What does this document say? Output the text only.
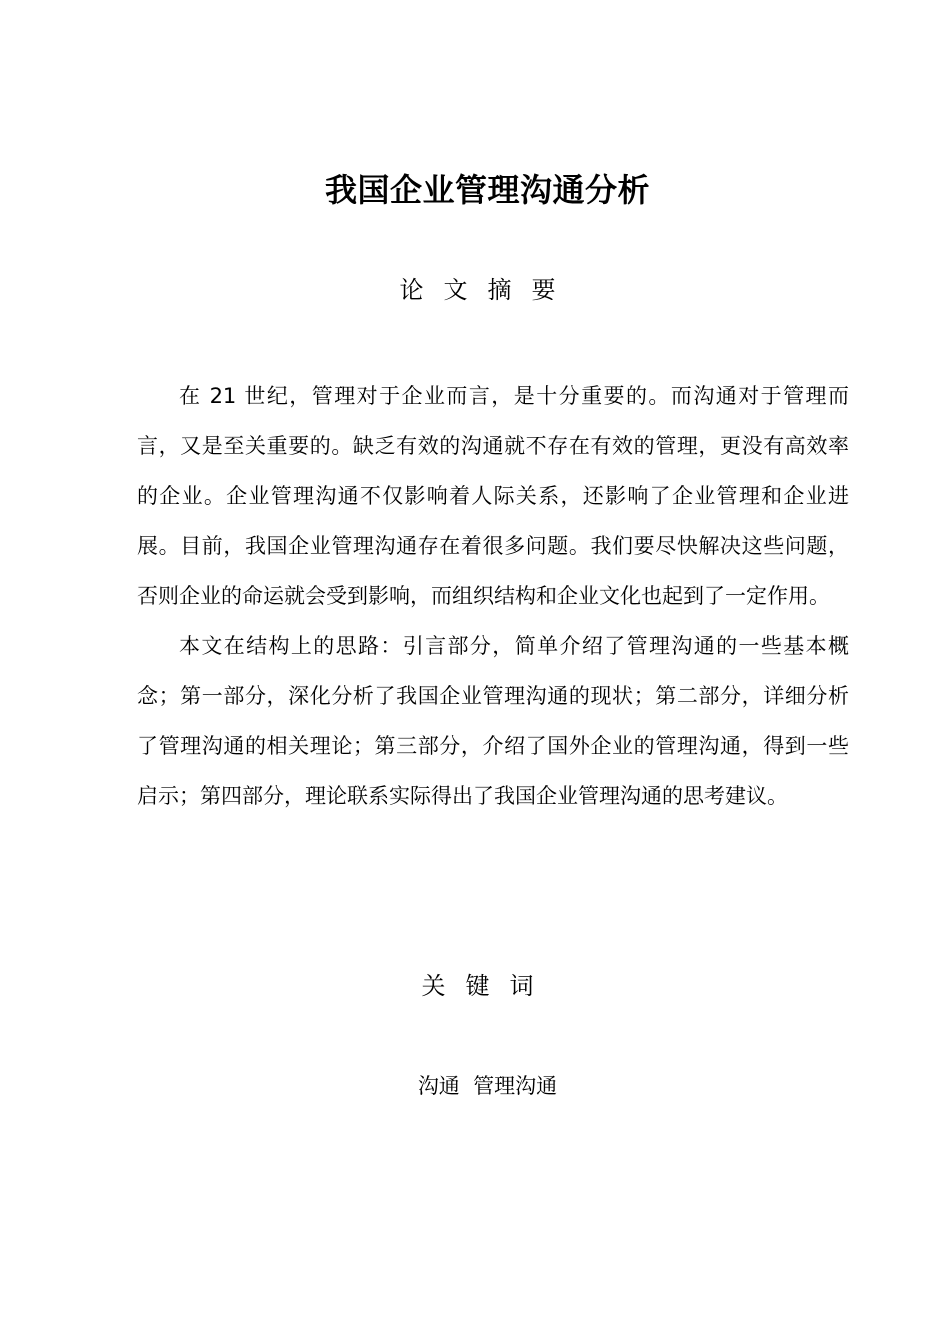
我国企业管理沟通分析
论文摘要

在 21 世纪，管理对于企业而言，是十分重要的。而沟通对于管理而言，又是至关重要的。缺乏有效的沟通就不存在有效的管理，更没有高效率的企业。企业管理沟通不仅影响着人际关系，还影响了企业管理和企业进展。目前，我国企业管理沟通存在着很多问题。我们要尽快解决这些问题，否则企业的命运就会受到影响，而组织结构和企业文化也起到了一定作用。

本文在结构上的思路：引言部分，简单介绍了管理沟通的一些基本概念；第一部分，深化分析了我国企业管理沟通的现状；第二部分，详细分析了管理沟通的相关理论；第三部分，介绍了国外企业的管理沟通，得到一些启示；第四部分，理论联系实际得出了我国企业管理沟通的思考建议。

关键词
沟通  管理沟通
